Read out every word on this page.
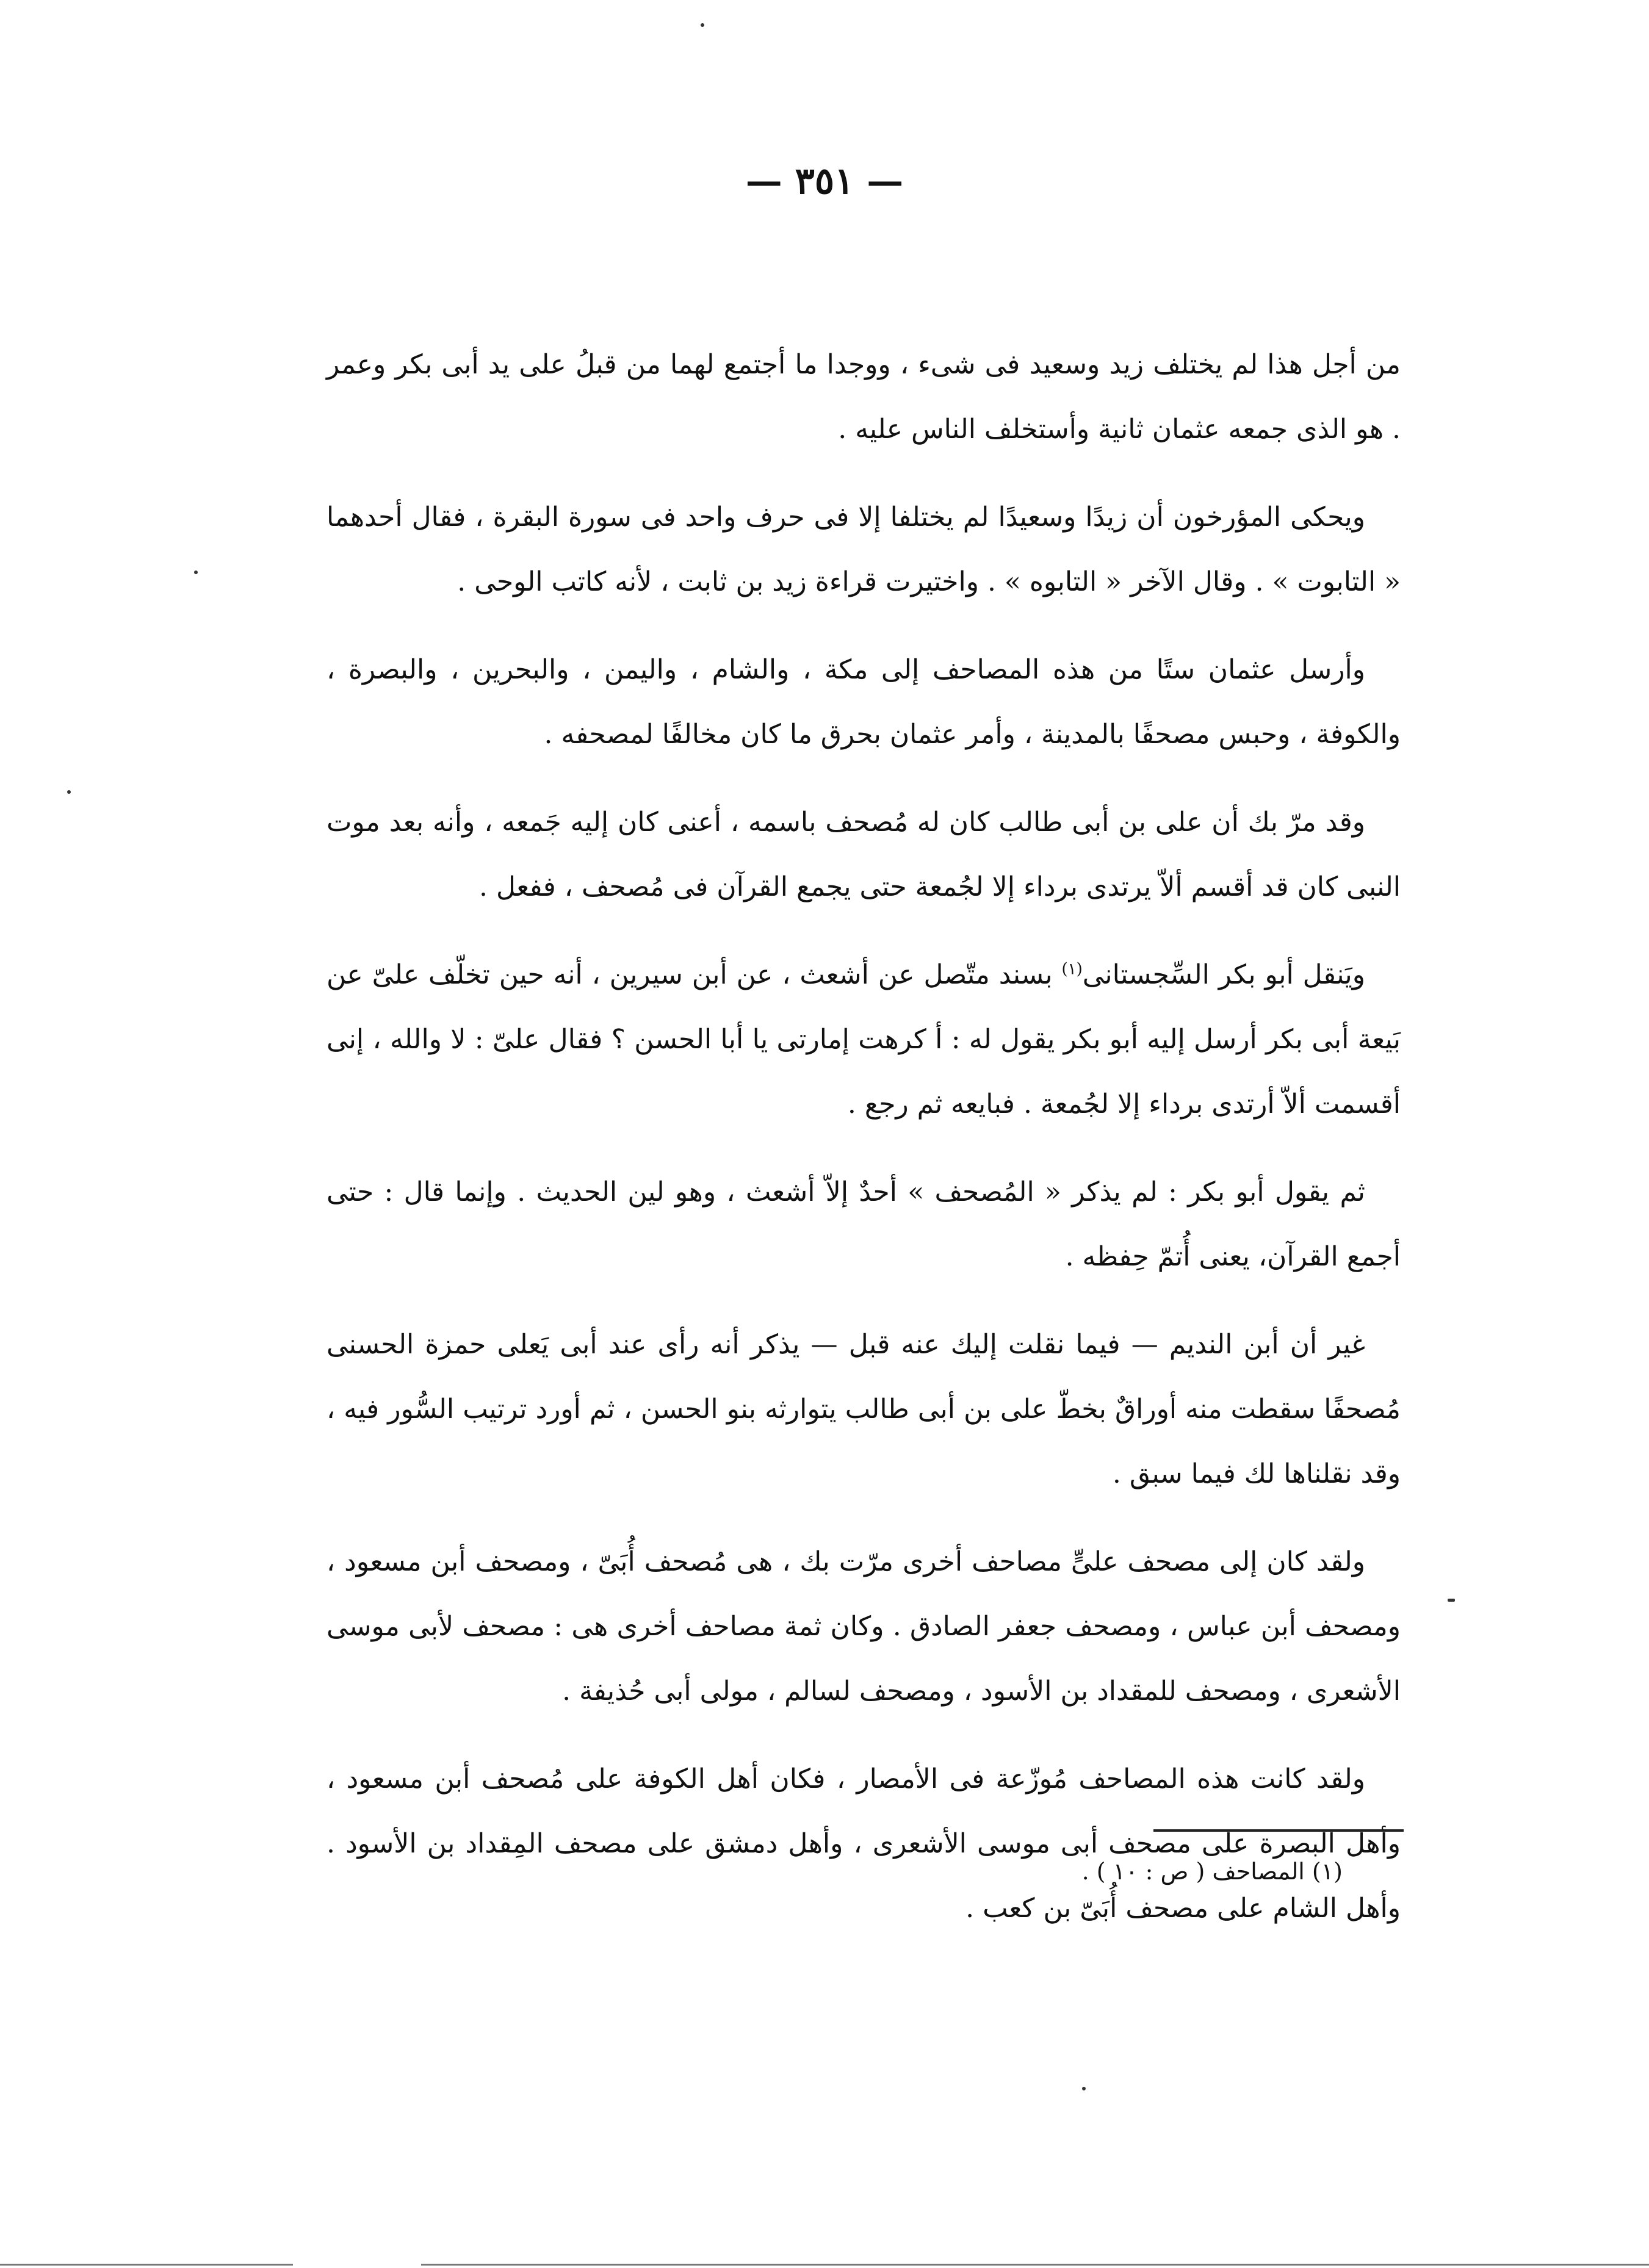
— ٣٥١ —

من أجل هذا لم يختلف زيد وسعيد فى شىء ، ووجدا ما أجتمع لهما من قبلُ على يد أبى بكر وعمر . هو الذى جمعه عثمان ثانية وأستخلف الناس عليه .

ويحكى المؤرخون أن زيدًا وسعيدًا لم يختلفا إلا فى حرف واحد فى سورة البقرة ، فقال أحدهما « التابوت » . وقال الآخر « التابوه » . واختيرت قراءة زيد بن ثابت ، لأنه كاتب الوحى .

وأرسل عثمان ستًا من هذه المصاحف إلى مكة ، والشام ، واليمن ، والبحرين ، والبصرة ، والكوفة ، وحبس مصحفًا بالمدينة ، وأمر عثمان بحرق ما كان مخالفًا لمصحفه .

وقد مرّ بك أن على بن أبى طالب كان له مُصحف باسمه ، أعنى كان إليه جَمعه ، وأنه بعد موت النبى كان قد أقسم ألاّ يرتدى برداء إلا لجُمعة حتى يجمع القرآن فى مُصحف ، ففعل .

ويَنقل أبو بكر السِّجستانى$^{(١)}$ بسند متّصل عن أشعث ، عن أبن سيرين ، أنه حين تخلّف علىّ عن بَيعة أبى بكر أرسل إليه أبو بكر يقول له : أ كرهت إمارتى يا أبا الحسن ؟ فقال علىّ : لا والله ، إنى أقسمت ألاّ أرتدى برداء إلا لجُمعة . فبايعه ثم رجع .

ثم يقول أبو بكر : لم يذكر « المُصحف » أحدٌ إلاّ أشعث ، وهو لين الحديث . وإنما قال : حتى أجمع القرآن، يعنى أُتمّ حِفظه .

غير أن أبن النديم — فيما نقلت إليك عنه قبل — يذكر أنه رأى عند أبى يَعلى حمزة الحسنى مُصحفًا سقطت منه أوراقٌ بخطّ على بن أبى طالب يتوارثه بنو الحسن ، ثم أورد ترتيب السُّور فيه ، وقد نقلناها لك فيما سبق .

ولقد كان إلى مصحف علىٍّ مصاحف أخرى مرّت بك ، هى مُصحف أُبَىّ ، ومصحف أبن مسعود ، ومصحف أبن عباس ، ومصحف جعفر الصادق . وكان ثمة مصاحف أخرى هى : مصحف لأبى موسى الأشعرى ، ومصحف للمقداد بن الأسود ، ومصحف لسالم ، مولى أبى حُذيفة .

ولقد كانت هذه المصاحف مُوزّعة فى الأمصار ، فكان أهل الكوفة على مُصحف أبن مسعود ، وأهل البصرة على مصحف أبى موسى الأشعرى ، وأهل دمشق على مصحف المِقداد بن الأسود . وأهل الشام على مصحف أُبَىّ بن كعب .

(١) المصاحف ( ص : ١٠ ) .
